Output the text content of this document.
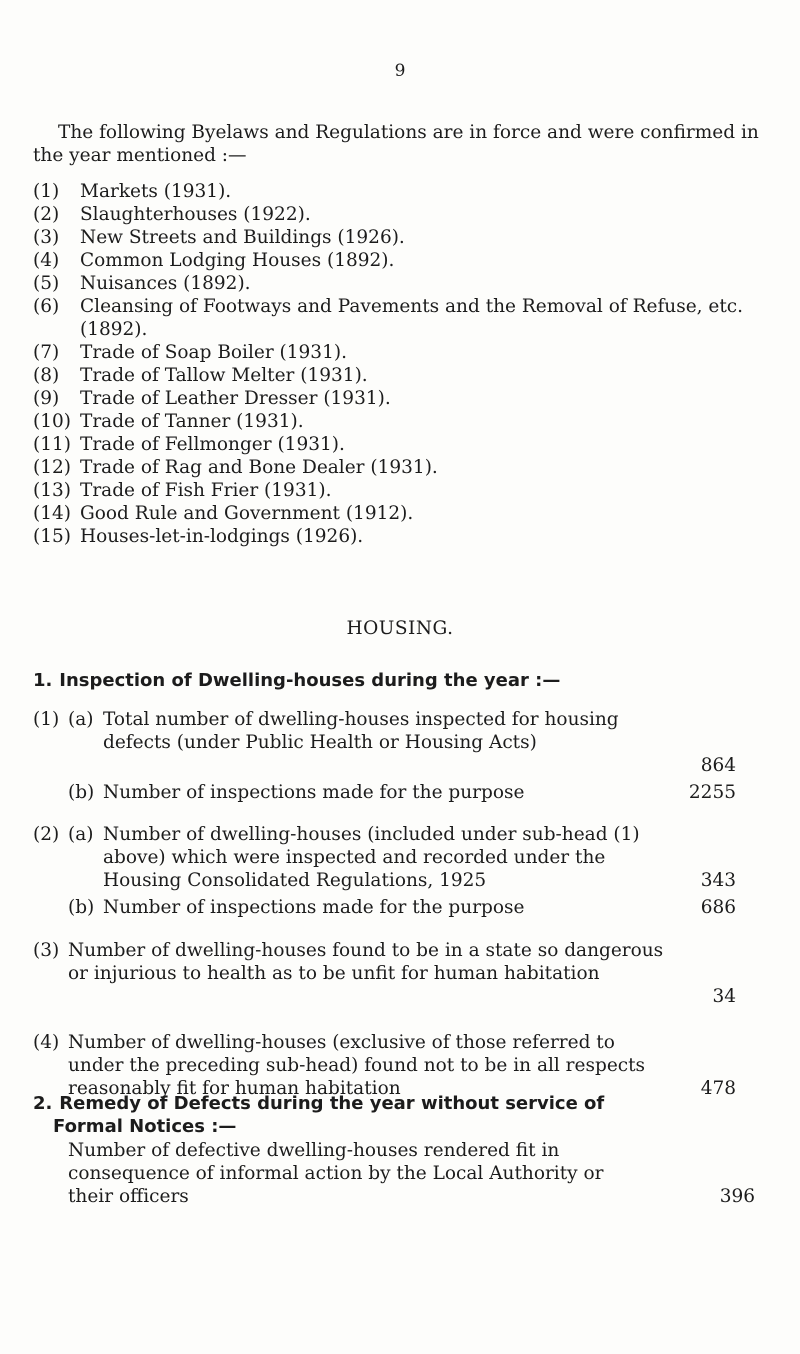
9

The following Byelaws and Regulations are in force and were confirmed in the year mentioned :—

(1) Markets (1931).
(2) Slaughterhouses (1922).
(3) New Streets and Buildings (1926).
(4) Common Lodging Houses (1892).
(5) Nuisances (1892).
(6) Cleansing of Footways and Pavements and the Removal of Refuse, etc. (1892).
(7) Trade of Soap Boiler (1931).
(8) Trade of Tallow Melter (1931).
(9) Trade of Leather Dresser (1931).
(10) Trade of Tanner (1931).
(11) Trade of Fellmonger (1931).
(12) Trade of Rag and Bone Dealer (1931).
(13) Trade of Fish Frier (1931).
(14) Good Rule and Government (1912).
(15) Houses-let-in-lodgings (1926).
HOUSING.
1. Inspection of Dwelling-houses during the year :—
(1) (a) Total number of dwelling-houses inspected for housing defects (under Public Health or Housing Acts)
864
(b) Number of inspections made for the purpose	2255
(2) (a) Number of dwelling-houses (included under sub-head (1) above) which were inspected and recorded under the Housing Consolidated Regulations, 1925	343
(b) Number of inspections made for the purpose	686
(3) Number of dwelling-houses found to be in a state so dangerous or injurious to health as to be unfit for human habitation
34
(4) Number of dwelling-houses (exclusive of those referred to under the preceding sub-head) found not to be in all respects reasonably fit for human habitation	478
2. Remedy of Defects during the year without service of
Formal Notices :—
Number of defective dwelling-houses rendered fit in consequence of informal action by the Local Authority or their officers	396
